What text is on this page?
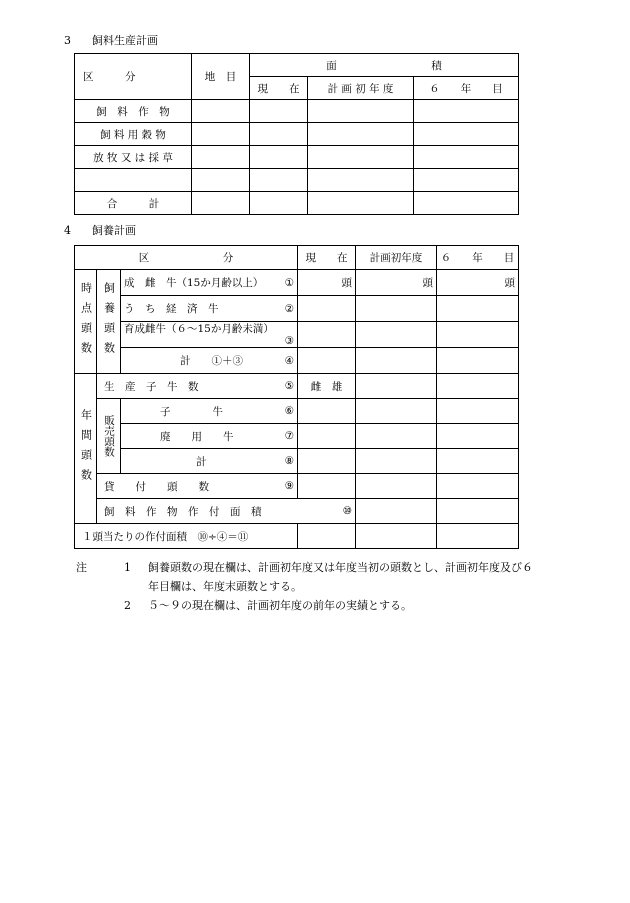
3 飼料生産計画
区　　　分	地　目	面　　　　　　　　　積		
		現　　在	計 画 初 年 度	６　　年　　目
飼　料　作　物				
飼 料 用 穀 物				
放 牧 又 は 採 草				

合　　　計				
4 飼養計画
区　　　　　　　分			現　　在	計画初年度	６　　年　　目	
時点頭数	飼養頭数	成　雌　牛（15か月齢以上） ①	頭	頭	頭	

		う　ち　経　済　牛 ②				

		育成雌牛（６～15か月齢未満）
③				

		計　　①＋③ ④				

年間頭数	生　産　子　牛　数 ⑤		雌　雄			
	販売頭数	子　　　　牛 ⑥				

		廃　　用　　牛 ⑦				

		計 ⑧				

	貸　　付　　頭　　数 ⑨					

	飼　料　作　物　作　付　面　積 ⑩					

１頭当たりの作付面積　⑩÷④＝⑪						

注	1	飼養頭数の現在欄は、計画初年度又は年度当初の頭数とし、計画初年度及び６
年目欄は、年度末頭数とする。
2	５～９の現在欄は、計画初年度の前年の実績とする。
